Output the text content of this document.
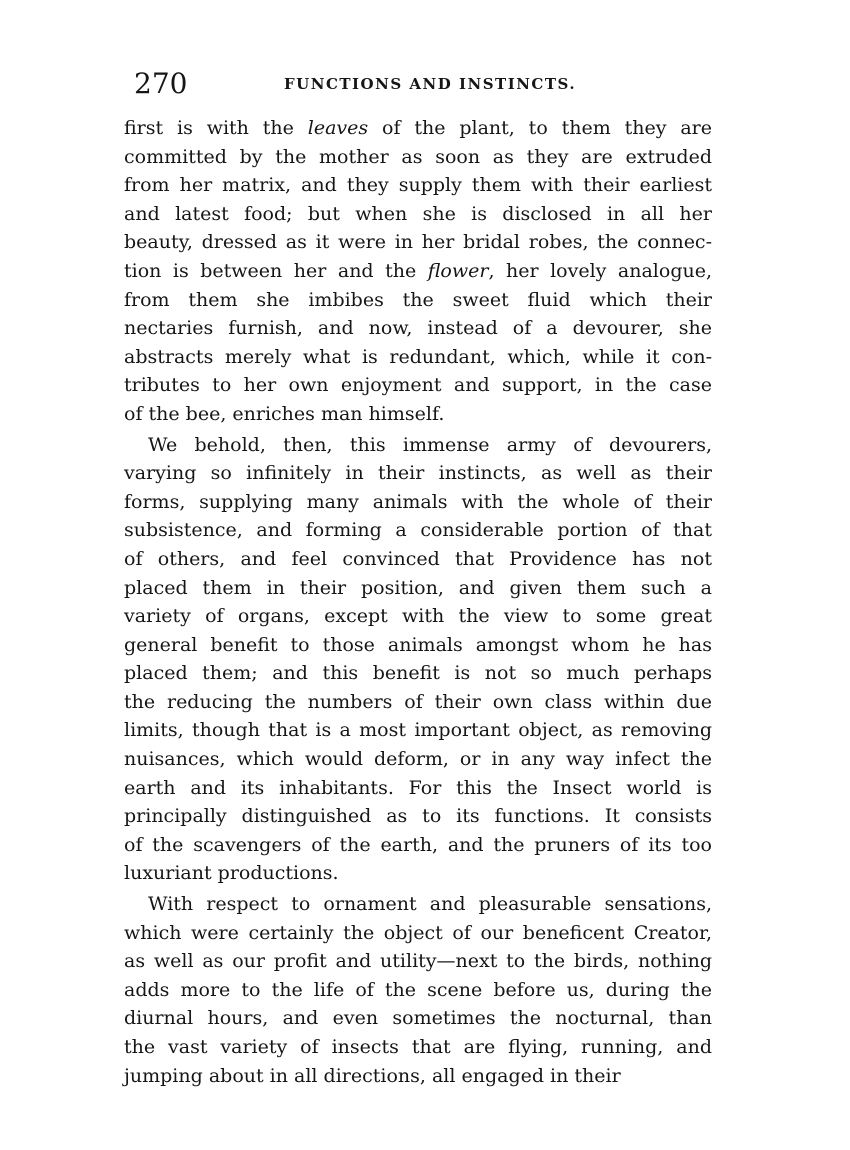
270	FUNCTIONS AND INSTINCTS.
first is with the leaves of the plant, to them they are
committed by the mother as soon as they are extruded
from her matrix, and they supply them with their earliest
and latest food; but when she is disclosed in all her
beauty, dressed as it were in her bridal robes, the connec-
tion is between her and the flower, her lovely analogue,
from them she imbibes the sweet fluid which their
nectaries furnish, and now, instead of a devourer, she
abstracts merely what is redundant, which, while it con-
tributes to her own enjoyment and support, in the case
of the bee, enriches man himself.
We behold, then, this immense army of devourers,
varying so infinitely in their instincts, as well as their
forms, supplying many animals with the whole of their
subsistence, and forming a considerable portion of that
of others, and feel convinced that Providence has not
placed them in their position, and given them such a
variety of organs, except with the view to some great
general benefit to those animals amongst whom he has
placed them; and this benefit is not so much perhaps
the reducing the numbers of their own class within due
limits, though that is a most important object, as removing
nuisances, which would deform, or in any way infect the
earth and its inhabitants. For this the Insect world is
principally distinguished as to its functions. It consists
of the scavengers of the earth, and the pruners of its too
luxuriant productions.
With respect to ornament and pleasurable sensations,
which were certainly the object of our beneficent Creator,
as well as our profit and utility—next to the birds, nothing
adds more to the life of the scene before us, during the
diurnal hours, and even sometimes the nocturnal, than
the vast variety of insects that are flying, running, and
jumping about in all directions, all engaged in their
